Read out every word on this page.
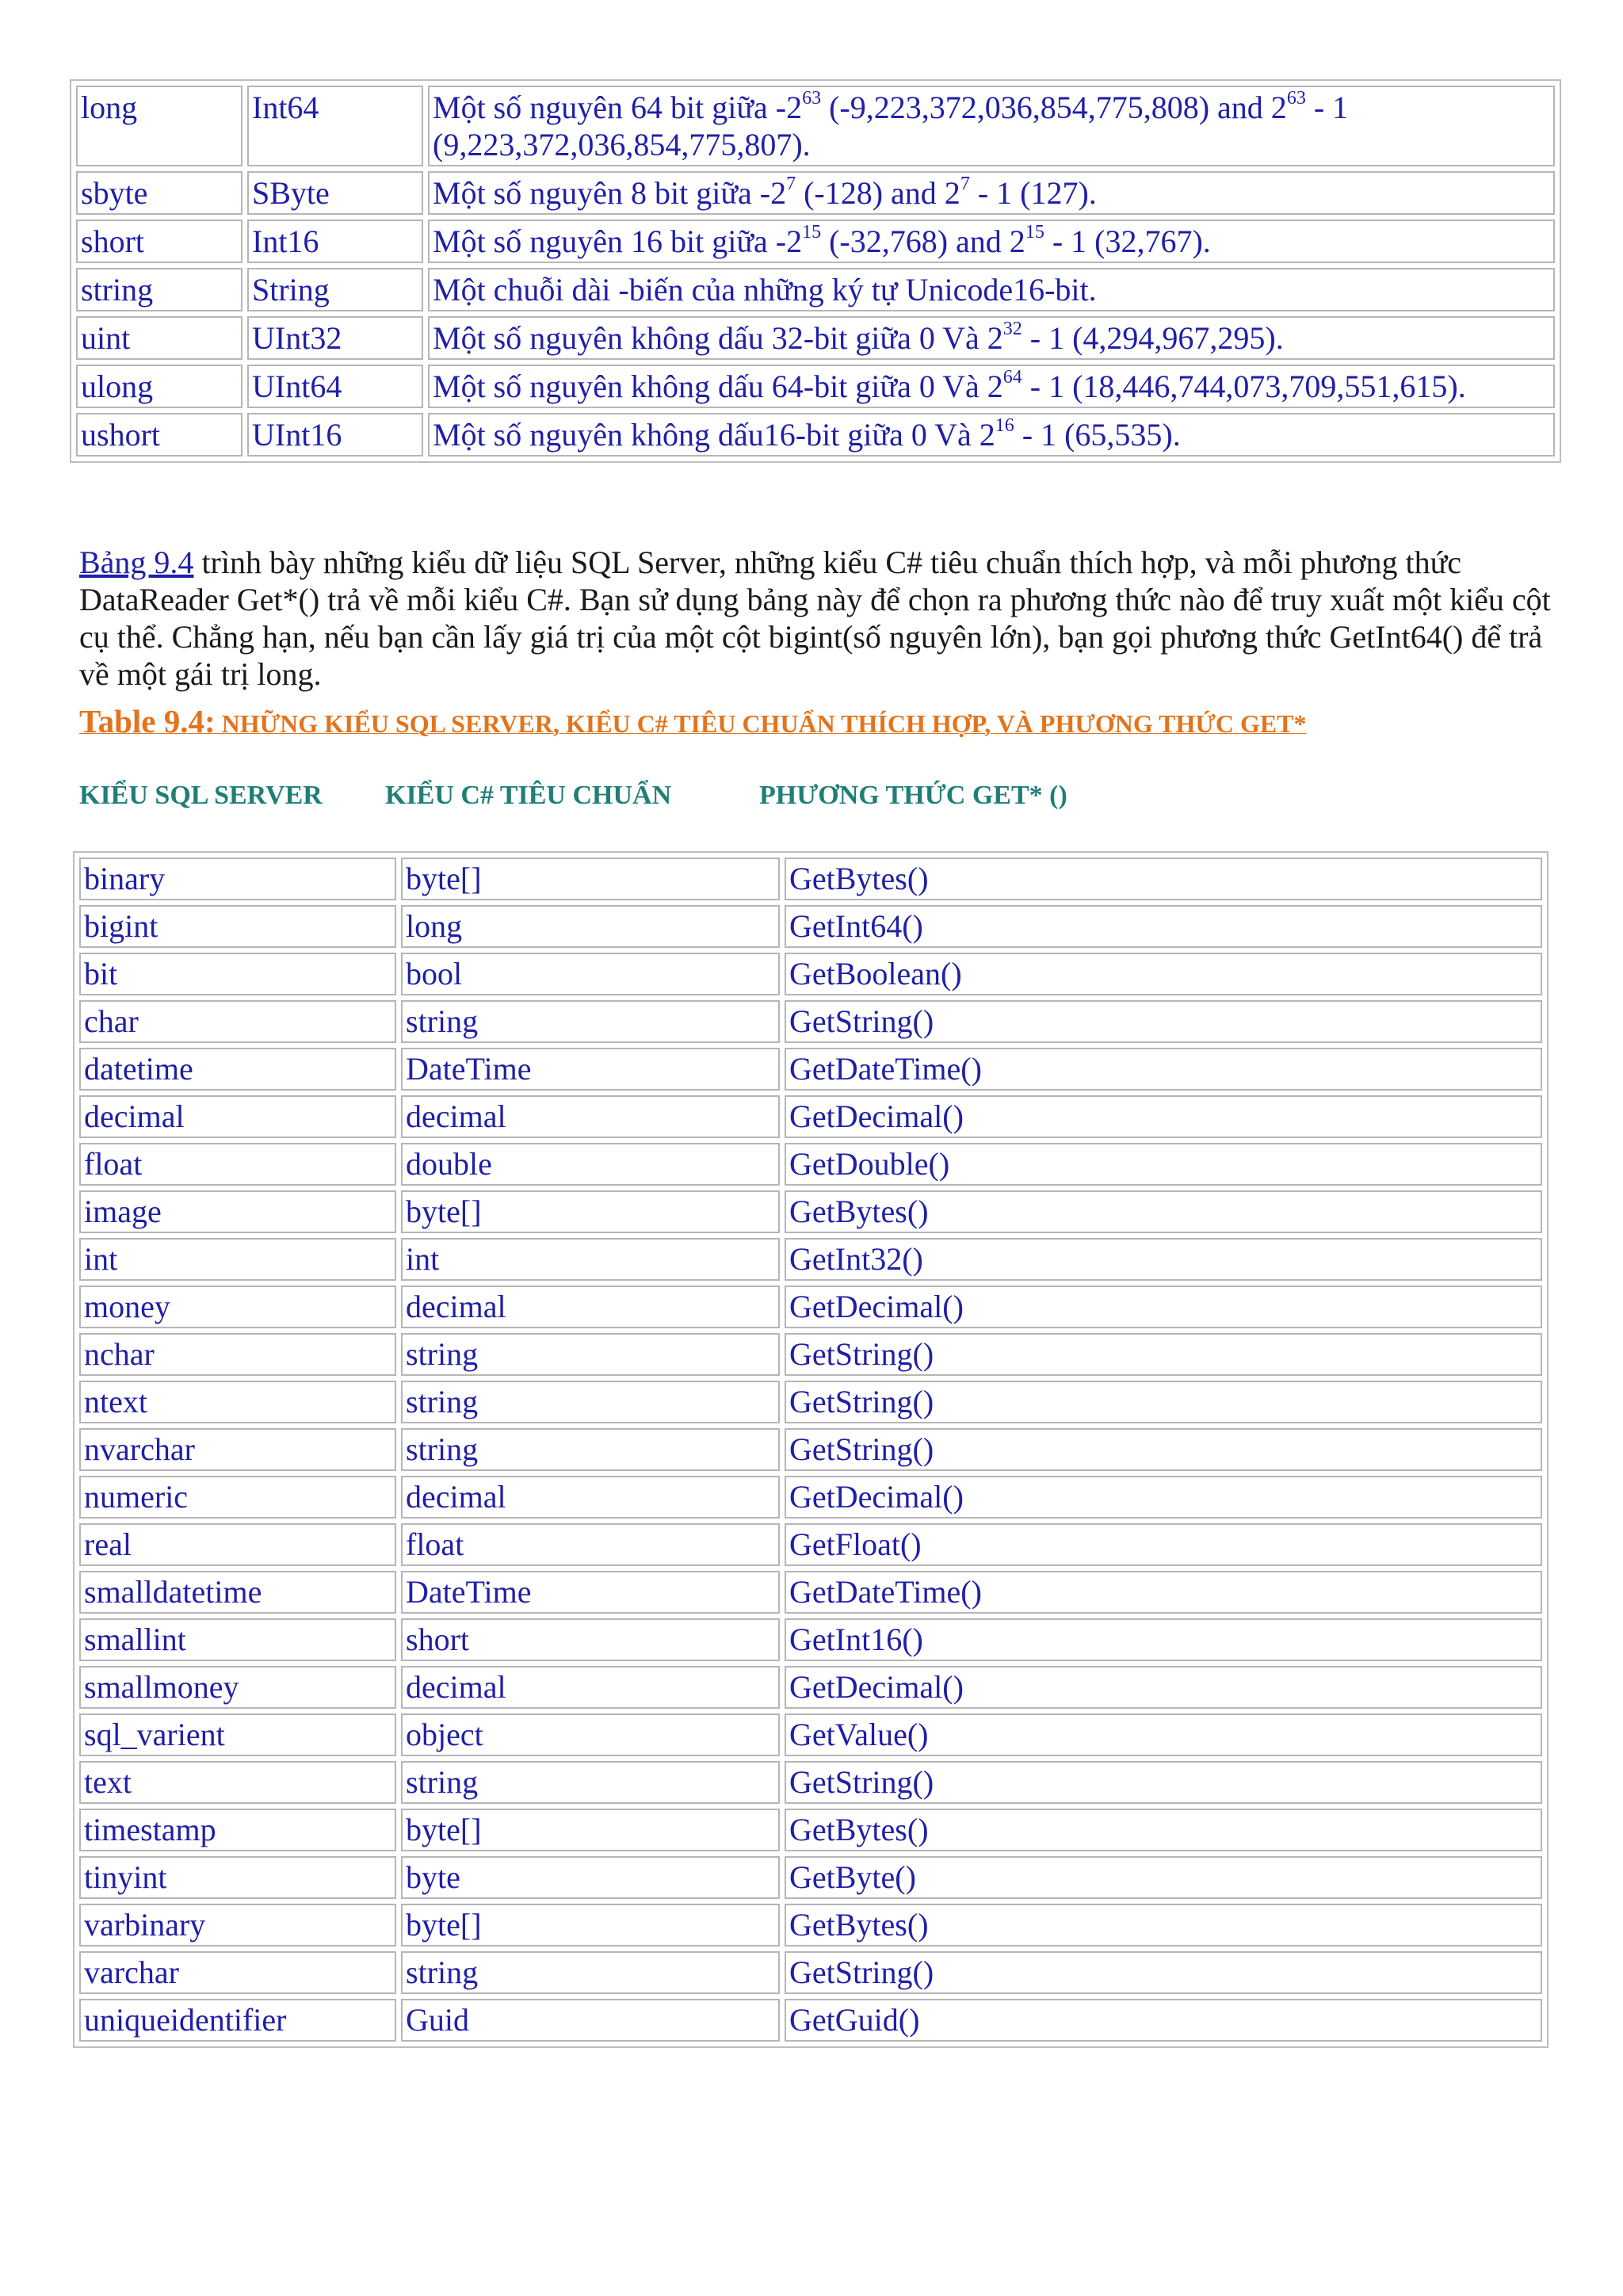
long	Int64	Một số nguyên 64 bit giữa $-2^{63}$ (-9,223,372,036,854,775,808) and $2^{63} - 1$ (9,223,372,036,854,775,807).
sbyte	SByte	Một số nguyên 8 bit giữa $-2^7$ (-128) and $2^7 - 1$ (127).
short	Int16	Một số nguyên 16 bit giữa $-2^{15}$ (-32,768) and $2^{15} - 1$ (32,767).
string	String	Một chuỗi dài -biến của những ký tự Unicode16-bit.
uint	UInt32	Một số nguyên không dấu 32-bit giữa 0 Và $2^{32} - 1$ (4,294,967,295).
ulong	UInt64	Một số nguyên không dấu 64-bit giữa 0 Và $2^{64} - 1$ (18,446,744,073,709,551,615).
ushort	UInt16	Một số nguyên không dấu16-bit giữa 0 Và $2^{16} - 1$ (65,535).

Bảng 9.4 trình bày những kiểu dữ liệu SQL Server, những kiểu C# tiêu chuẩn thích hợp, và mỗi phương thức DataReader Get*() trả về mỗi kiểu C#. Bạn sử dụng bảng này để chọn ra phương thức nào để truy xuất một kiểu cột cụ thể. Chẳng hạn, nếu bạn cần lấy giá trị của một cột bigint(số nguyên lớn), bạn gọi phương thức GetInt64() để trả về một gái trị long.

Table 9.4: NHỮNG KIỂU SQL SERVER, KIỂU C# TIÊU CHUẨN THÍCH HỢP, VÀ PHƯƠNG THỨC GET*
KIỂU SQL SERVER KIỂU C# TIÊU CHUẨN	PHƯƠNG THỨC GET* ()
binary	byte[]	GetBytes()
bigint	long	GetInt64()
bit	bool	GetBoolean()
char	string	GetString()
datetime	DateTime	GetDateTime()
decimal	decimal	GetDecimal()
float	double	GetDouble()
image	byte[]	GetBytes()
int	int	GetInt32()
money	decimal	GetDecimal()
nchar	string	GetString()
ntext	string	GetString()
nvarchar	string	GetString()
numeric	decimal	GetDecimal()
real	float	GetFloat()
smalldatetime	DateTime	GetDateTime()
smallint	short	GetInt16()
smallmoney	decimal	GetDecimal()
sql_varient	object	GetValue()
text	string	GetString()
timestamp	byte[]	GetBytes()
tinyint	byte	GetByte()
varbinary	byte[]	GetBytes()
varchar	string	GetString()
uniqueidentifier	Guid	GetGuid()
